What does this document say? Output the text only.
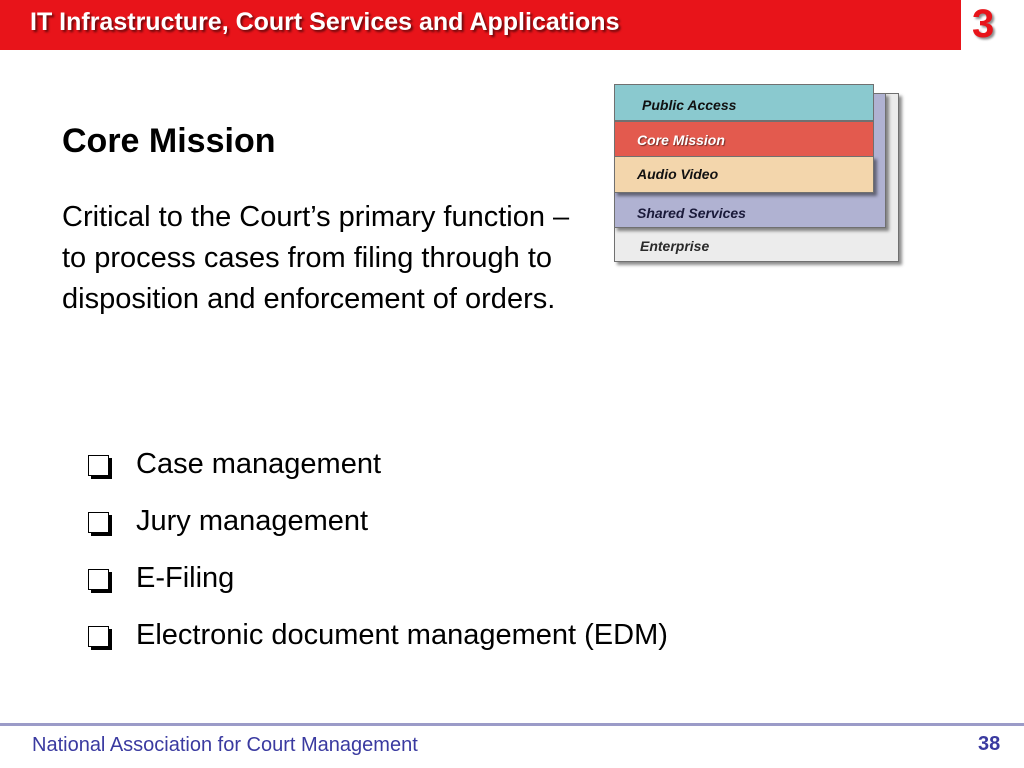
IT Infrastructure, Court Services and Applications	3
Core Mission

Critical to the Court’s primary function – to process cases from filing through to disposition and enforcement of orders.

Case management
Jury management
E-Filing
Electronic document management (EDM)
Enterprise
Shared Services
Audio Video
Core Mission
Public Access
National Association for Court Management	38
